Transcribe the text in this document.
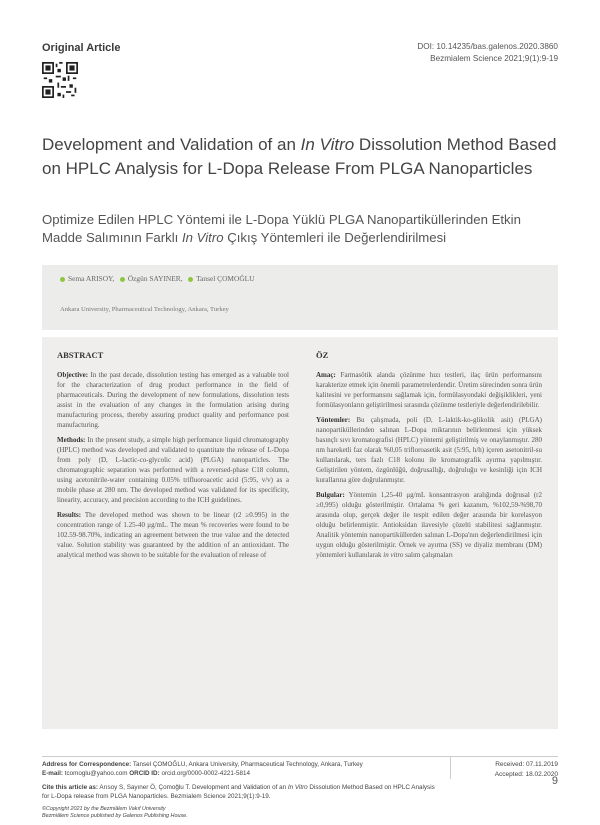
Original Article	DOI: 10.14235/bas.galenos.2020.3860
Bezmialem Science 2021;9(1):9-19
Development and Validation of an In Vitro Dissolution Method Based on HPLC Analysis for L-Dopa Release From PLGA Nanoparticles
Optimize Edilen HPLC Yöntemi ile L-Dopa Yüklü PLGA Nanopartiküllerinden Etkin Madde Salımının Farklı In Vitro Çıkış Yöntemleri ile Değerlendirilmesi
Sema ARISOY, Özgün SAYINER, Tansel ÇOMOĞLU
Ankara University, Pharmaceutical Technology, Ankara, Turkey
ABSTRACT

Objective: In the past decade, dissolution testing has emerged as a valuable tool for the characterization of drug product performance in the field of pharmaceuticals. During the development of new formulations, dissolution tests assist in the evaluation of any changes in the formulation arising during manufacturing process, thereby assuring product quality and performance post manufacturing.

Methods: In the present study, a simple high performance liquid chromatography (HPLC) method was developed and validated to quantitate the release of L-Dopa from poly (D, L-lactic-co-glycolic acid) (PLGA) nanoparticles. The chromatographic separation was performed with a reversed-phase C18 column, using acetonitrile-water containing 0.05% trifluoroacetic acid (5:95, v/v) as a mobile phase at 280 nm. The developed method was validated for its specificity, linearity, accuracy, and precision according to the ICH guidelines.

Results: The developed method was shown to be linear (r2 ≥0.995) in the concentration range of 1.25-40 μg/mL. The mean % recoveries were found to be 102.59-98.70%, indicating an agreement between the true value and the detected value. Solution stability was guaranteed by the addition of an antioxidant. The analytical method was shown to be suitable for the evaluation of release of

ÖZ

Amaç: Farmasötik alanda çözünme hızı testleri, ilaç ürün performansını karakterize etmek için önemli parametrelerdendir. Üretim sürecinden sonra ürün kalitesini ve performansını sağlamak için, formülasyondaki değişiklikleri, yeni formülasyonların geliştirilmesi sırasında çözünme testleriyle değerlendirilebilir.

Yöntemler: Bu çalışmada, poli (D, L-laktik-ko-glikolik asit) (PLGA) nanopartiküllerinden salınan L-Dopa miktarının belirlenmesi için yüksek basınçlı sıvı kromatografisi (HPLC) yöntemi geliştirilmiş ve onaylanmıştır. 280 nm hareketli faz olarak %0,05 trifloroasetik asit (5:95, h/h) içeren asetonitril-su kullanılarak, ters fazlı C18 kolonu ile kromatografik ayırma yapılmıştır. Geliştirilen yöntem, özgünlüğü, doğrusallığı, doğruluğu ve kesinliği için ICH kurallarına göre doğrulanmıştır.

Bulgular: Yöntemin 1,25-40 μg/mL konsantrasyon aralığında doğrusal (r2 ≥0,995) olduğu gösterilmiştir. Ortalama % geri kazanım, %102,59-%98,70 arasında olup, gerçek değer ile tespit edilen değer arasında bir korelasyon olduğu belirlenmiştir. Antioksidan ilavesiyle çözelti stabilitesi sağlanmıştır. Analitik yöntemin nanopartiküllerden salınan L-Dopa'nın değerlendirilmesi için uygun olduğu gösterilmiştir. Örnek ve ayırma (SS) ve diyaliz membranı (DM) yöntemleri kullanılarak in vitro salım çalışmaları

Address for Correspondence: Tansel ÇOMOĞLU, Ankara University, Pharmaceutical Technology, Ankara, Turkey
E-mail: tcomoglu@yahoo.com ORCID ID: orcid.org/0000-0002-4221-5814

Cite this article as: Arısoy S, Sayıner Ö, Çomoğlu T. Development and Validation of an In Vitro Dissolution Method Based on HPLC Analysis for L-Dopa release from PLGA Nanoparticles. Bezmialem Science 2021;9(1):9-19.

©Copyright 2021 by the Bezmiâlem Vakıf University
Bezmiâlem Science published by Galenos Publishing House.

Received: 07.11.2019
Accepted: 18.02.2020
9
